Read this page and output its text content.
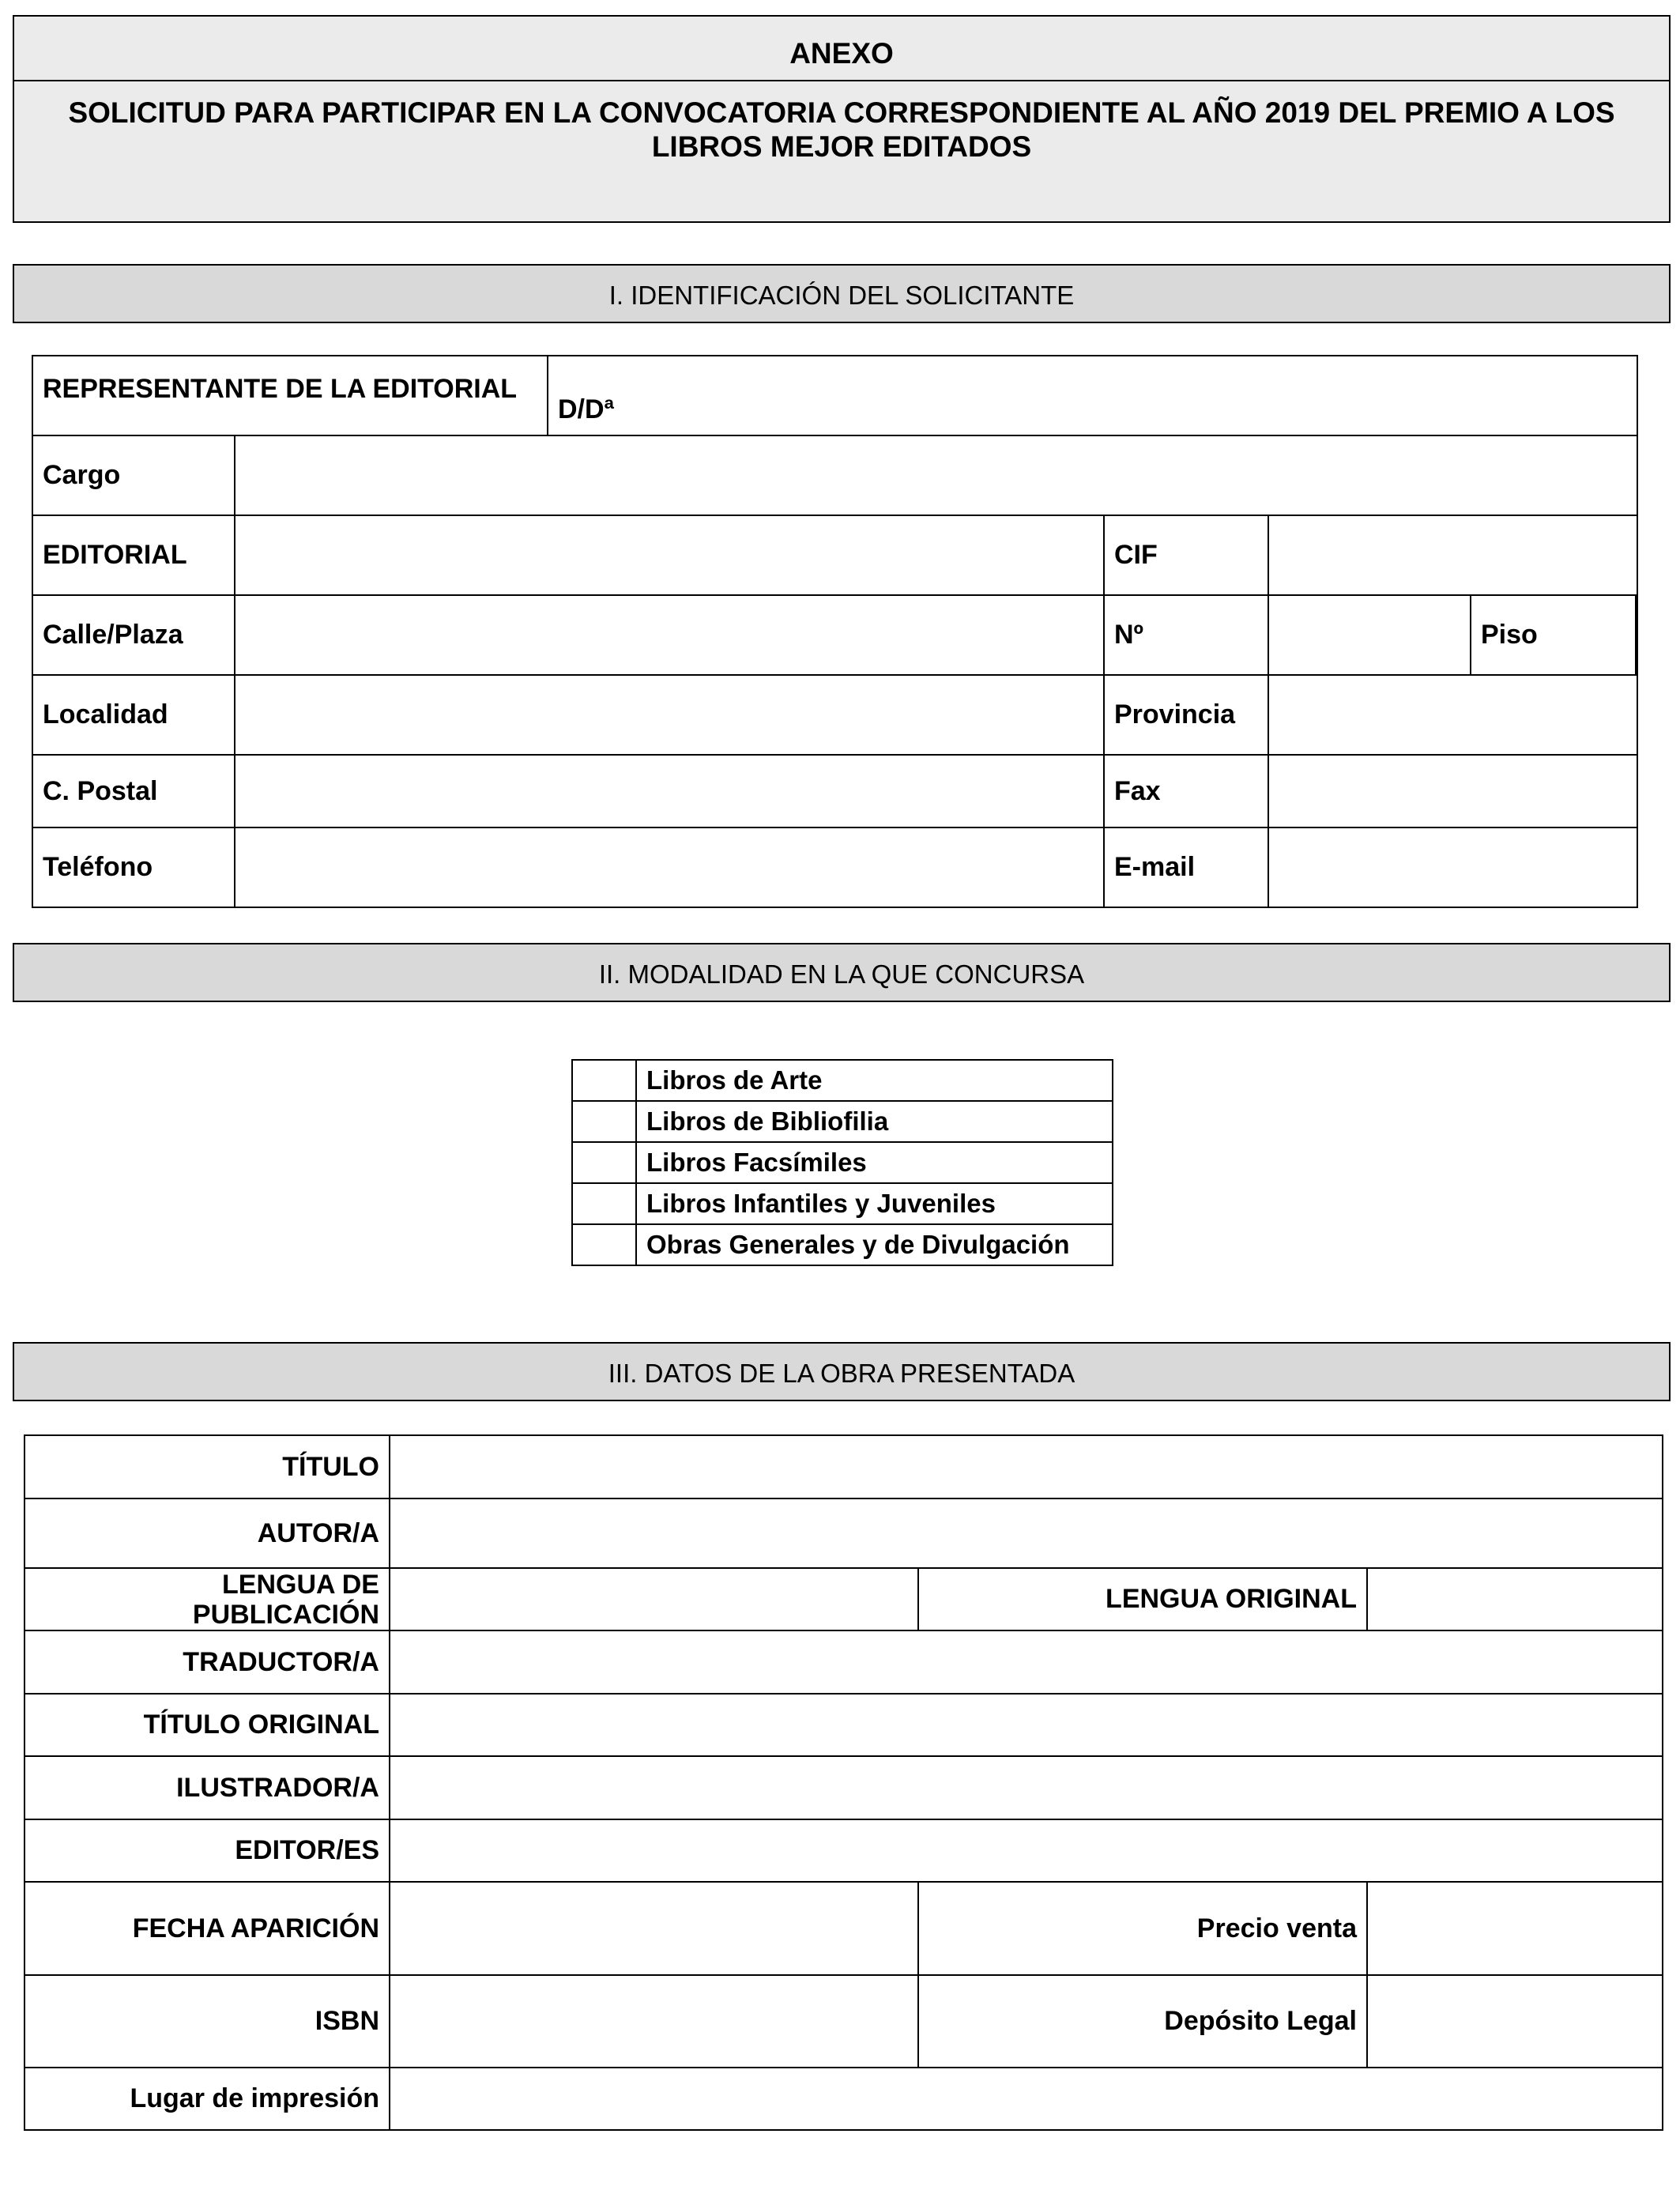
ANEXO
SOLICITUD PARA PARTICIPAR EN LA CONVOCATORIA CORRESPONDIENTE AL AÑO 2019 DEL PREMIO A LOS LIBROS MEJOR EDITADOS
I. IDENTIFICACIÓN DEL SOLICITANTE
REPRESENTANTE DE LA EDITORIAL		D/Dª			
Cargo					
EDITORIAL			CIF		
Calle/Plaza			Nº		Piso

Localidad			Provincia		
C. Postal			Fax		
Teléfono			E-mail		
II. MODALIDAD EN LA QUE CONCURSA
	Libros de Arte
	Libros de Bibliofilia
	Libros Facsímiles
	Libros Infantiles y Juveniles
	Obras Generales y de Divulgación
III. DATOS DE LA OBRA PRESENTADA
TÍTULO			
AUTOR/A			

LENGUA DE
PUBLICACIÓN		LENGUA ORIGINAL	
TRADUCTOR/A			
TÍTULO ORIGINAL			
ILUSTRADOR/A			
EDITOR/ES			
FECHA APARICIÓN		Precio venta	
ISBN		Depósito Legal	
Lugar de impresión			
